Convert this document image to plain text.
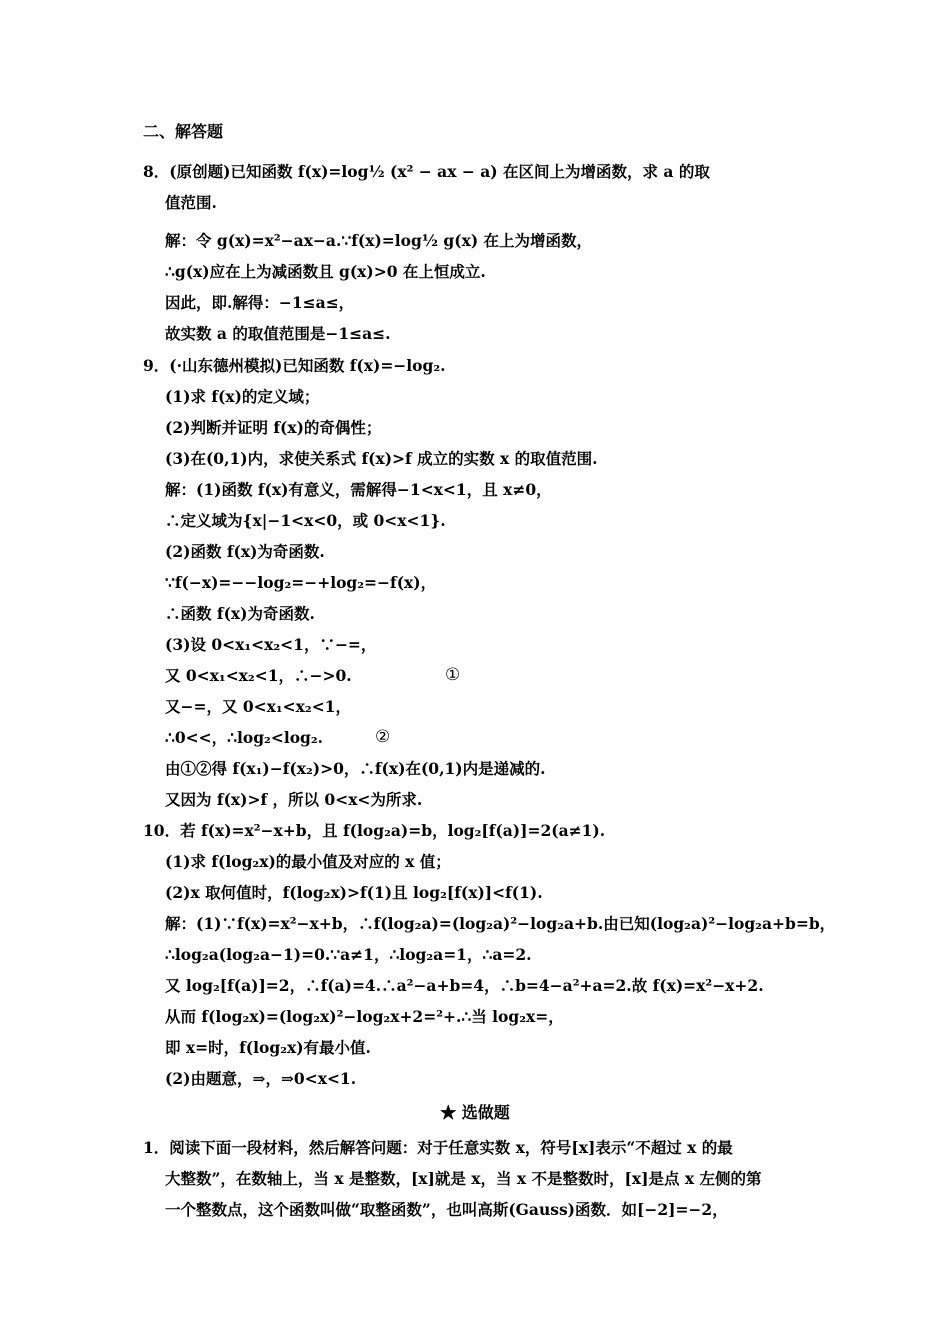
二、解答题
8．(原创题)已知函数 f(x)=log½ (x² − ax − a) 在区间上为增函数，求 a 的取
值范围.
解：令 g(x)=x²−ax−a.∵f(x)=log½ g(x) 在上为增函数，
∴g(x)应在上为减函数且 g(x)>0 在上恒成立.
因此，即.解得：−1≤a≤，
故实数 a 的取值范围是−1≤a≤.
9．(·山东德州模拟)已知函数 f(x)=−log₂.
(1)求 f(x)的定义域；
(2)判断并证明 f(x)的奇偶性；
(3)在(0,1)内，求使关系式 f(x)>f 成立的实数 x 的取值范围.
解：(1)函数 f(x)有意义，需解得−1<x<1，且 x≠0，
∴定义域为{x|−1<x<0，或 0<x<1}.
(2)函数 f(x)为奇函数.
∵f(−x)=−−log₂=−+log₂=−f(x)，
∴函数 f(x)为奇函数.
(3)设 0<x₁<x₂<1，∵−=，
又 0<x₁<x₂<1，∴−>0.	①
又−=，又 0<x₁<x₂<1，
∴0<<，∴log₂<log₂.	②
由①②得 f(x₁)−f(x₂)>0，∴f(x)在(0,1)内是递减的.
又因为 f(x)>f ，所以 0<x<为所求.
10．若 f(x)=x²−x+b，且 f(log₂a)=b，log₂[f(a)]=2(a≠1).
(1)求 f(log₂x)的最小值及对应的 x 值；
(2)x 取何值时，f(log₂x)>f(1)且 log₂[f(x)]<f(1).
解：(1)∵f(x)=x²−x+b，∴f(log₂a)=(log₂a)²−log₂a+b.由已知(log₂a)²−log₂a+b=b，
∴log₂a(log₂a−1)=0.∵a≠1，∴log₂a=1，∴a=2.
又 log₂[f(a)]=2，∴f(a)=4.∴a²−a+b=4，∴b=4−a²+a=2.故 f(x)=x²−x+2.
从而 f(log₂x)=(log₂x)²−log₂x+2=²+.∴当 log₂x=，
即 x=时，f(log₂x)有最小值.
(2)由题意，⇒，⇒0<x<1.
★ 选做题
1．阅读下面一段材料，然后解答问题：对于任意实数 x，符号[x]表示“不超过 x 的最
大整数”，在数轴上，当 x 是整数，[x]就是 x，当 x 不是整数时，[x]是点 x 左侧的第
一个整数点，这个函数叫做“取整函数”，也叫高斯(Gauss)函数．如[−2]=−2，
